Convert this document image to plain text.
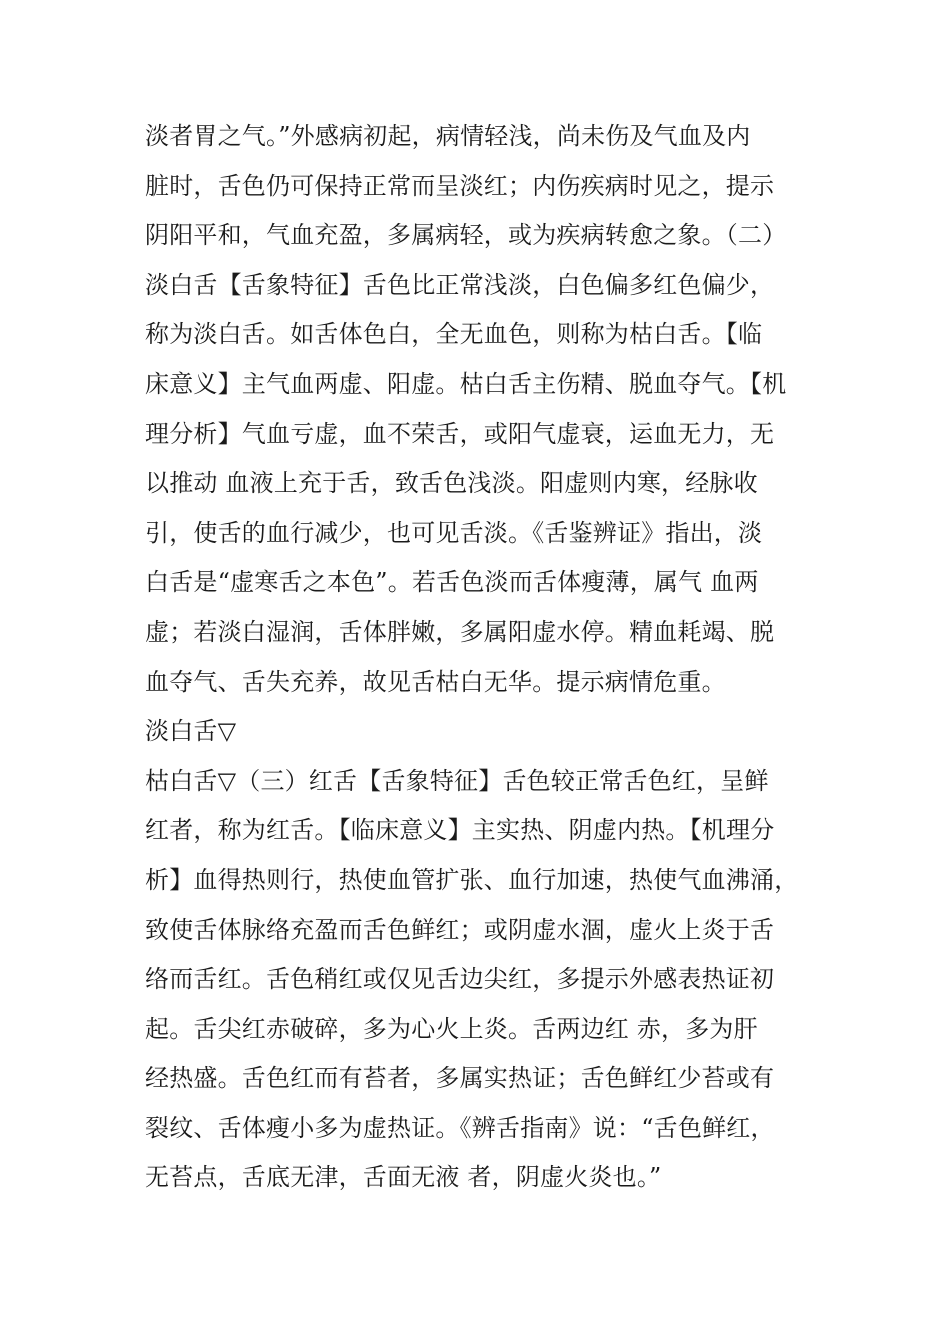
淡者胃之气。”外感病初起，病情轻浅，尚未伤及气血及内
脏时，舌色仍可保持正常而呈淡红；内伤疾病时见之，提示
阴阳平和，气血充盈，多属病轻，或为疾病转愈之象。（二）
淡白舌【舌象特征】舌色比正常浅淡，白色偏多红色偏少，
称为淡白舌。如舌体色白，全无血色，则称为枯白舌。【临
床意义】主气血两虚、阳虚。枯白舌主伤精、脱血夺气。【机
理分析】气血亏虚，血不荣舌，或阳气虚衰，运血无力，无
以推动 血液上充于舌，致舌色浅淡。阳虚则内寒，经脉收
引，使舌的血行减少，也可见舌淡。《舌鉴辨证》指出，淡
白舌是“虚寒舌之本色”。若舌色淡而舌体瘦薄，属气 血两
虚；若淡白湿润，舌体胖嫩，多属阳虚水停。精血耗竭、脱
血夺气、舌失充养，故见舌枯白无华。提示病情危重。
淡白舌▽
枯白舌▽（三）红舌【舌象特征】舌色较正常舌色红，呈鲜
红者，称为红舌。【临床意义】主实热、阴虚内热。【机理分
析】血得热则行，热使血管扩张、血行加速，热使气血沸涌，
致使舌体脉络充盈而舌色鲜红；或阴虚水涸，虚火上炎于舌
络而舌红。舌色稍红或仅见舌边尖红，多提示外感表热证初
起。舌尖红赤破碎，多为心火上炎。舌两边红 赤，多为肝
经热盛。舌色红而有苔者，多属实热证；舌色鲜红少苔或有
裂纹、舌体瘦小多为虚热证。《辨舌指南》说：“舌色鲜红，
无苔点，舌底无津，舌面无液 者，阴虚火炎也。”
